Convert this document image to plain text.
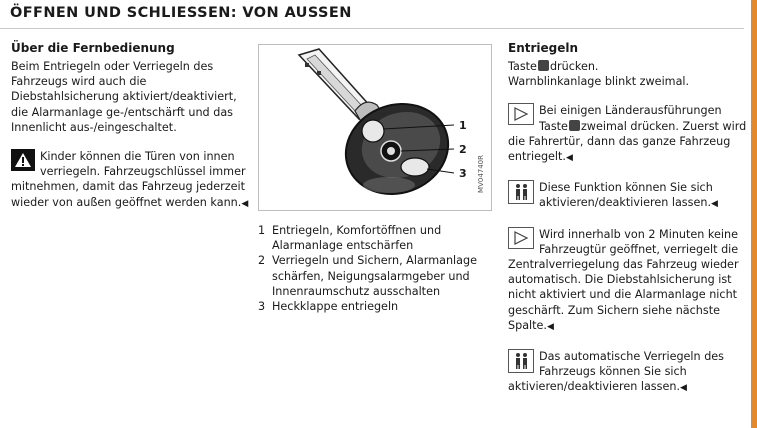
ÖFFNEN UND SCHLIESSEN: VON AUSSEN
Über die Fernbedienung

Beim Entriegeln oder Verriegeln des Fahrzeugs wird auch die Diebstahlsicherung aktiviert/deaktiviert, die Alarmanlage ge-/entschärft und das Innenlicht aus-/eingeschaltet.

Kinder können die Türen von innen verriegeln. Fahrzeugschlüssel immer mitnehmen, damit das Fahrzeug jederzeit wieder von außen geöffnet werden kann.◀
1
2
3	MV04740R
1 Entriegeln, Komfortöffnen und Alarmanlage entschärfen
2 Verriegeln und Sichern, Alarmanlage schärfen, Neigungsalarmgeber und Innenraumschutz ausschalten
3 Heckklappe entriegeln
Entriegeln

Taste drücken.
Warnblinkanlage blinkt zweimal.

Bei einigen Länderausführungen Taste zweimal drücken. Zuerst wird die Fahrertür, dann das ganze Fahrzeug entriegelt.◀
Diese Funktion können Sie sich aktivieren/deaktivieren lassen.◀
Wird innerhalb von 2 Minuten keine Fahrzeugtür geöffnet, verriegelt die Zentralverriegelung das Fahrzeug wieder automatisch. Die Diebstahlsicherung ist nicht aktiviert und die Alarmanlage nicht geschärft. Zum Sichern siehe nächste Spalte.◀
Das automatische Verriegeln des Fahrzeugs können Sie sich aktivieren/deaktivieren lassen.◀
